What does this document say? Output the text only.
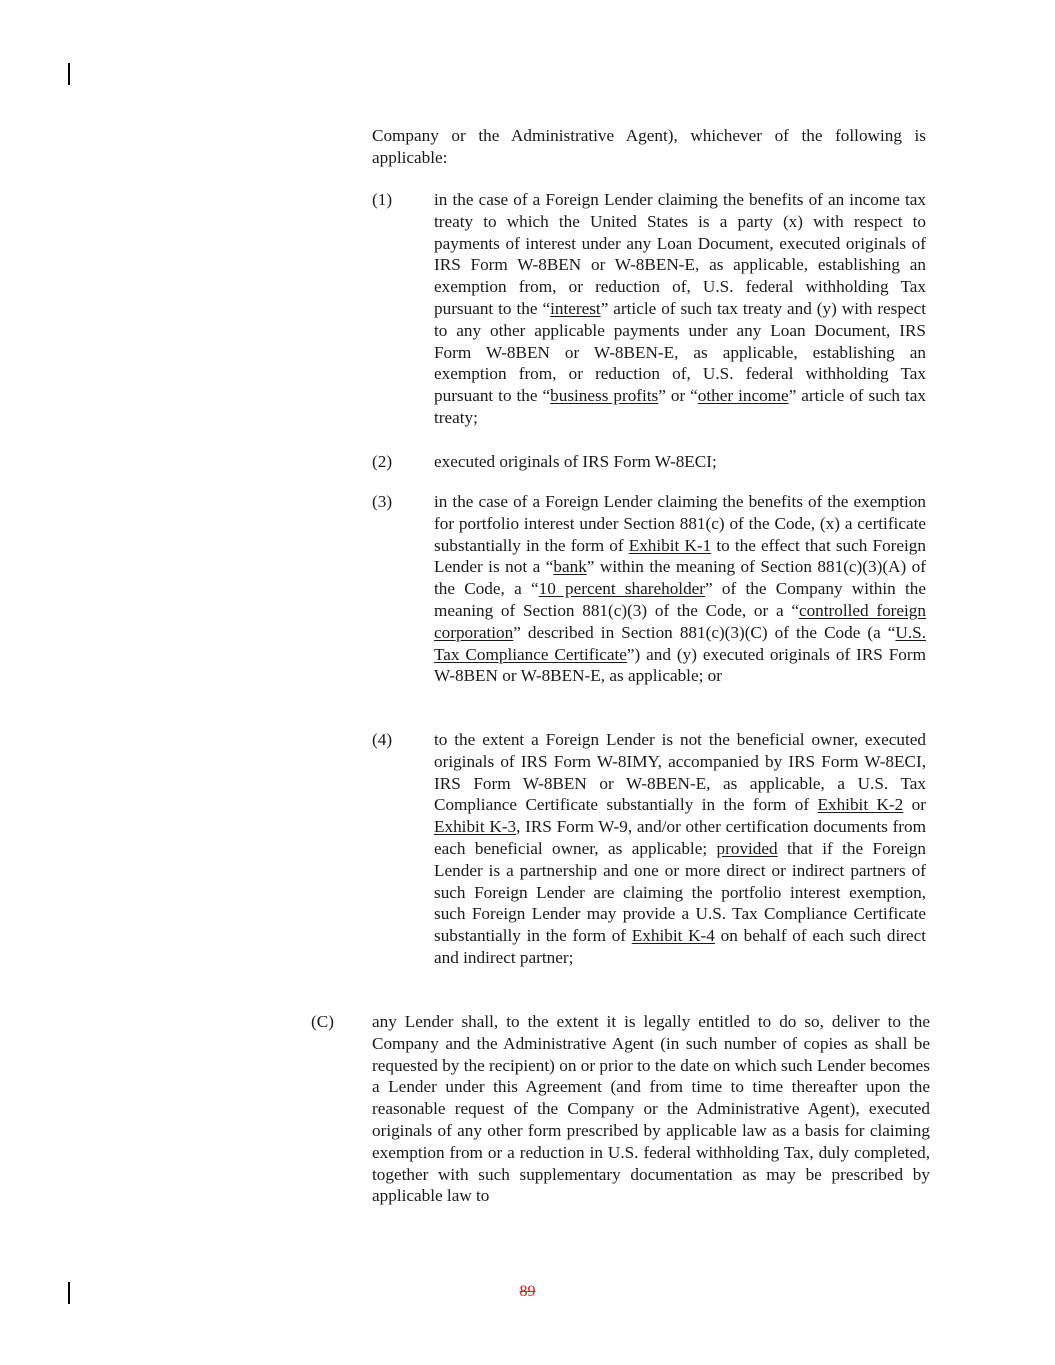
Company or the Administrative Agent), whichever of the following is applicable:
(1) in the case of a Foreign Lender claiming the benefits of an income tax treaty to which the United States is a party (x) with respect to payments of interest under any Loan Document, executed originals of IRS Form W-8BEN or W-8BEN-E, as applicable, establishing an exemption from, or reduction of, U.S. federal withholding Tax pursuant to the “interest” article of such tax treaty and (y) with respect to any other applicable payments under any Loan Document, IRS Form W-8BEN or W-8BEN-E, as applicable, establishing an exemption from, or reduction of, U.S. federal withholding Tax pursuant to the “business profits” or “other income” article of such tax treaty;
(2) executed originals of IRS Form W-8ECI;
(3) in the case of a Foreign Lender claiming the benefits of the exemption for portfolio interest under Section 881(c) of the Code, (x) a certificate substantially in the form of Exhibit K-1 to the effect that such Foreign Lender is not a “bank” within the meaning of Section 881(c)(3)(A) of the Code, a “10 percent shareholder” of the Company within the meaning of Section 881(c)(3) of the Code, or a “controlled foreign corporation” described in Section 881(c)(3)(C) of the Code (a “U.S. Tax Compliance Certificate”) and (y) executed originals of IRS Form W-8BEN or W-8BEN-E, as applicable; or
(4) to the extent a Foreign Lender is not the beneficial owner, executed originals of IRS Form W-8IMY, accompanied by IRS Form W-8ECI, IRS Form W-8BEN or W-8BEN-E, as applicable, a U.S. Tax Compliance Certificate substantially in the form of Exhibit K-2 or Exhibit K-3, IRS Form W-9, and/or other certification documents from each beneficial owner, as applicable; provided that if the Foreign Lender is a partnership and one or more direct or indirect partners of such Foreign Lender are claiming the portfolio interest exemption, such Foreign Lender may provide a U.S. Tax Compliance Certificate substantially in the form of Exhibit K-4 on behalf of each such direct and indirect partner;
(C) any Lender shall, to the extent it is legally entitled to do so, deliver to the Company and the Administrative Agent (in such number of copies as shall be requested by the recipient) on or prior to the date on which such Lender becomes a Lender under this Agreement (and from time to time thereafter upon the reasonable request of the Company or the Administrative Agent), executed originals of any other form prescribed by applicable law as a basis for claiming exemption from or a reduction in U.S. federal withholding Tax, duly completed, together with such supplementary documentation as may be prescribed by applicable law to
89
